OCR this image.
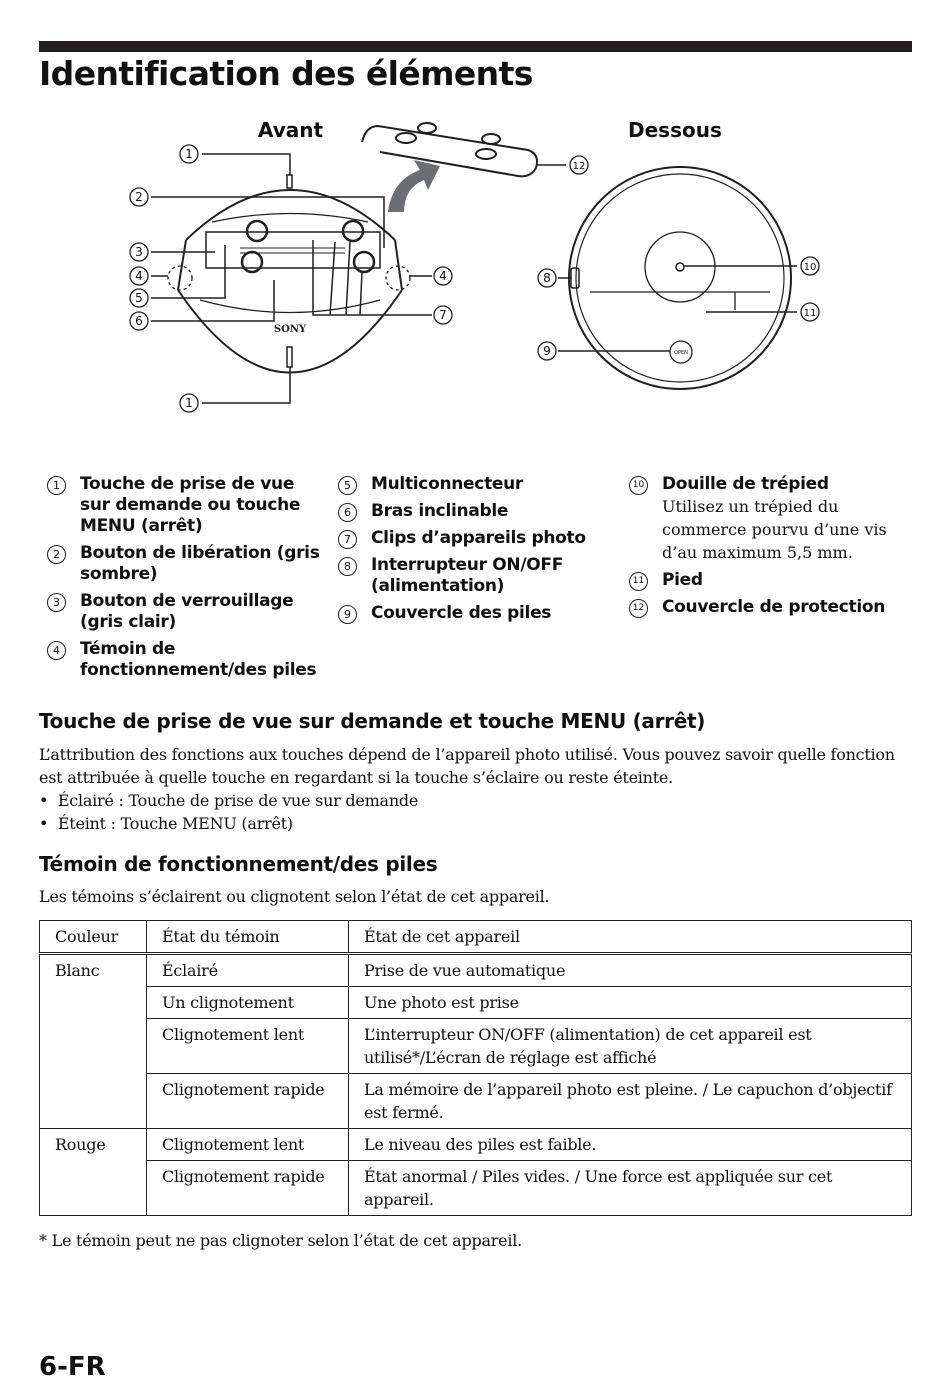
Identification des éléments
Avant	Dessous
SONY
OPEN
1
1
2
3
4	4
5
6	7
8
9
10
11
12
1	Touche de prise de vue sur demande ou touche MENU (arrêt)
2	Bouton de libération (gris sombre)
3	Bouton de verrouillage (gris clair)
4	Témoin de fonctionnement/des piles
5	Multiconnecteur
6	Bras inclinable
7	Clips d’appareils photo
8	Interrupteur ON/OFF (alimentation)
9	Couvercle des piles
10 Douille de trépied
Utilisez un trépied du commerce pourvu d’une vis d’au maximum 5,5 mm.
11 Pied
12 Couvercle de protection
Touche de prise de vue sur demande et touche MENU (arrêt)

L’attribution des fonctions aux touches dépend de l’appareil photo utilisé. Vous pouvez savoir quelle fonction est attribuée à quelle touche en regardant si la touche s’éclaire ou reste éteinte.

•  Éclairé : Touche de prise de vue sur demande
•  Éteint : Touche MENU (arrêt)
Témoin de fonctionnement/des piles

Les témoins s’éclairent ou clignotent selon l’état de cet appareil.

Couleur	État du témoin	État de cet appareil
Blanc	Éclairé	Prise de vue automatique
	Un clignotement	Une photo est prise
	Clignotement lent	L’interrupteur ON/OFF (alimentation) de cet appareil est utilisé*/L’écran de réglage est affiché
	Clignotement rapide	La mémoire de l’appareil photo est pleine. / Le capuchon d’objectif est fermé.
Rouge	Clignotement lent	Le niveau des piles est faible.
	Clignotement rapide	État anormal / Piles vides. / Une force est appliquée sur cet appareil.
* Le témoin peut ne pas clignoter selon l’état de cet appareil.
6-FR
